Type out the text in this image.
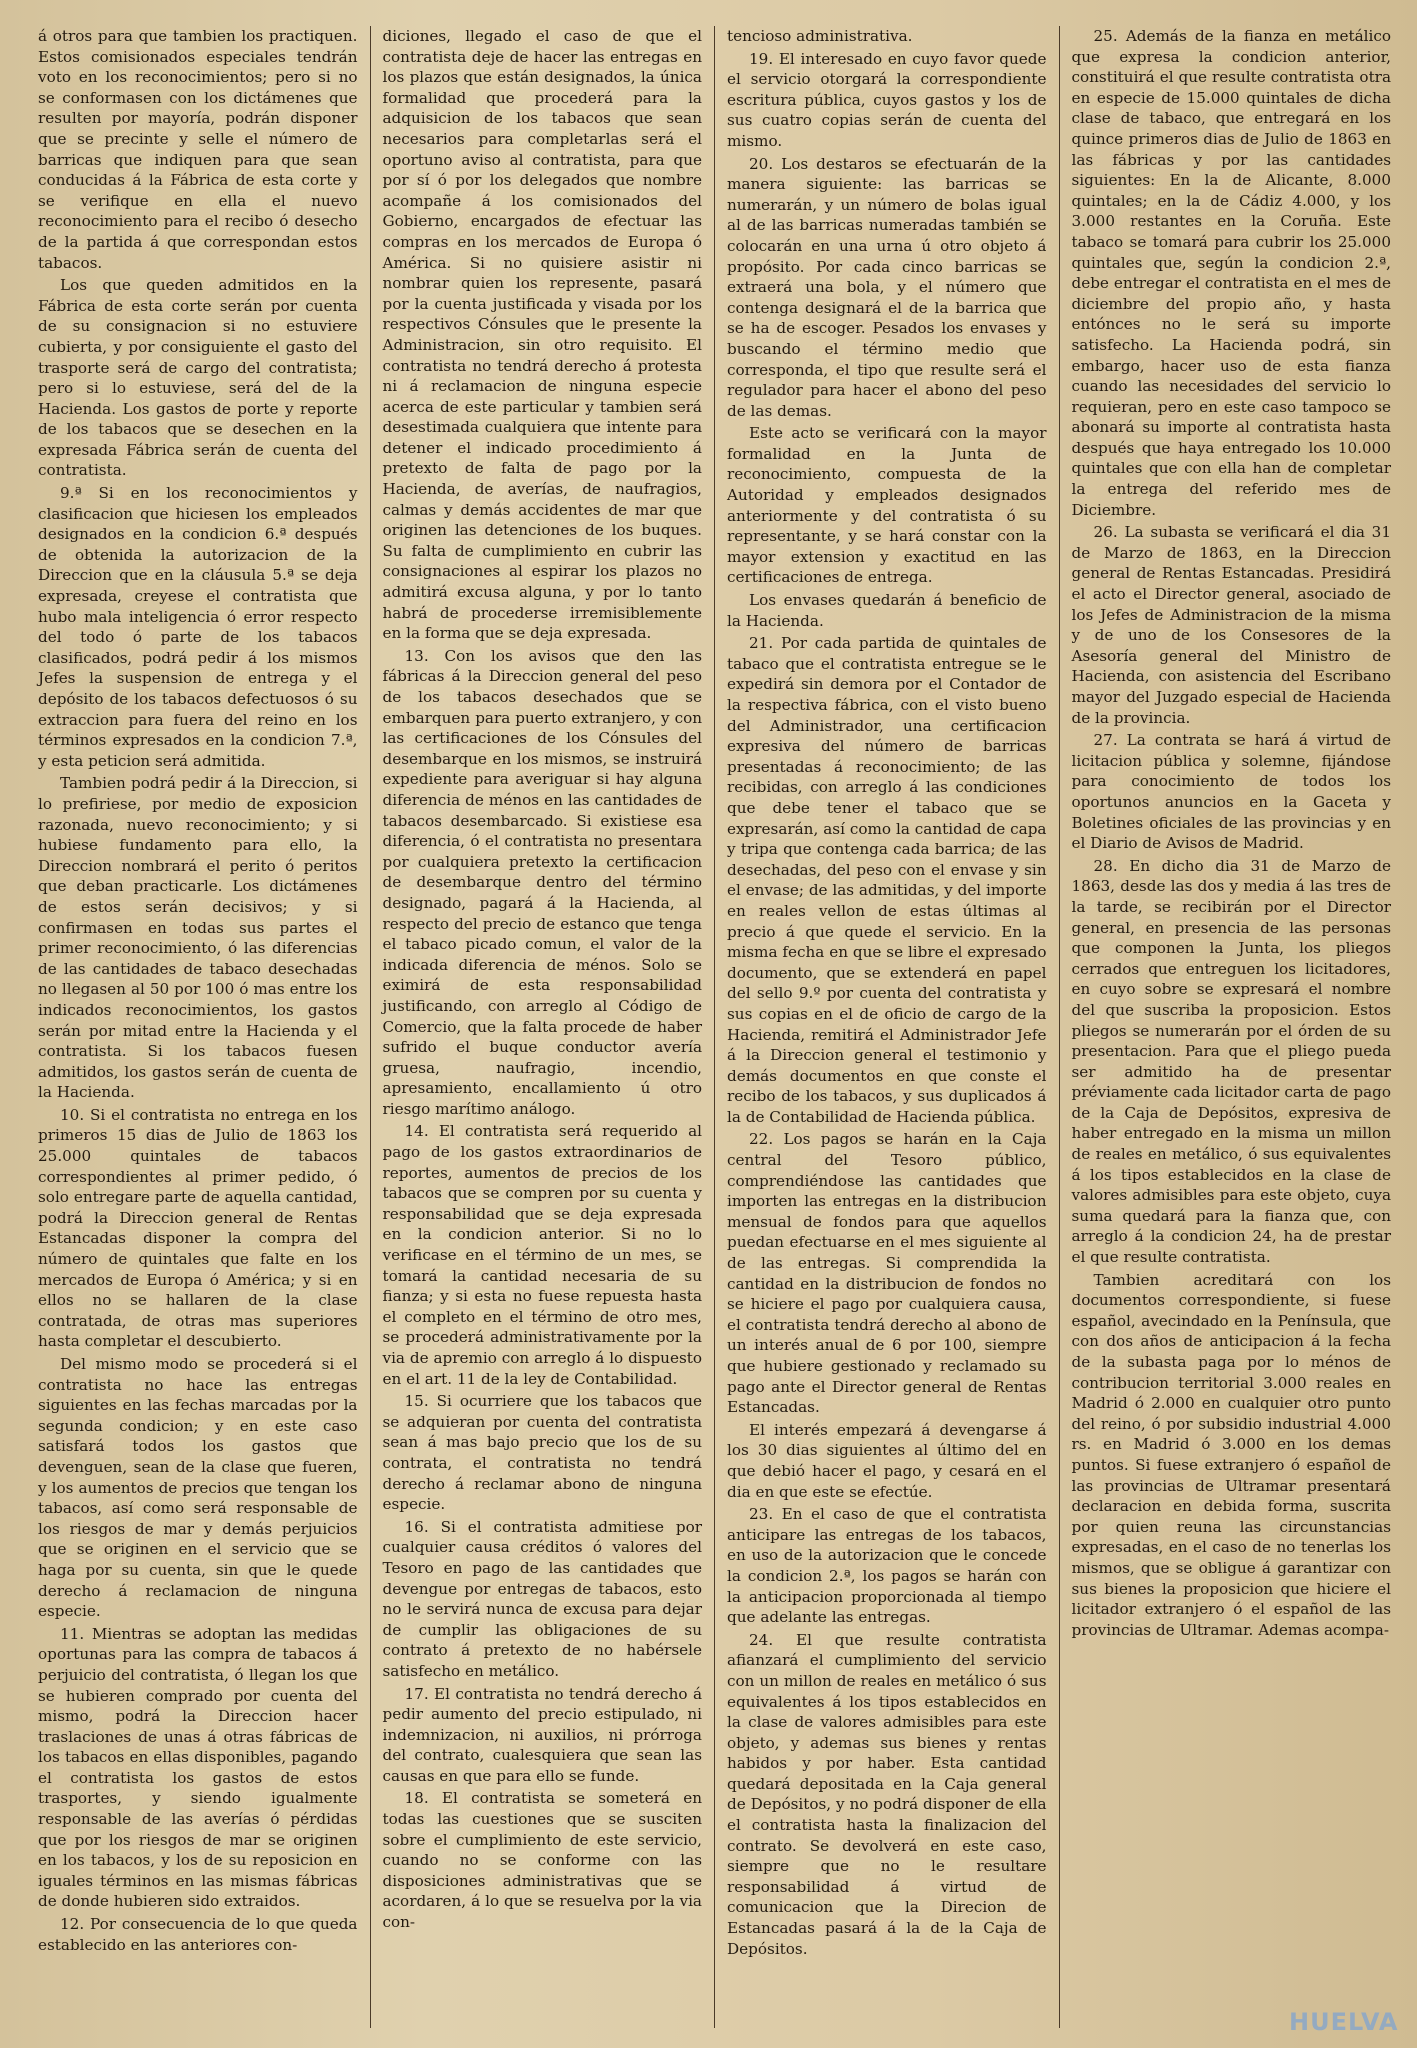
á otros para que tambien los practiquen. Estos comisionados especiales tendrán voto en los reconocimientos; pero si no se conformasen con los dictámenes que resulten por mayoría, podrán disponer que se precinte y selle el número de barricas que indiquen para que sean conducidas á la Fábrica de esta corte y se verifique en ella el nuevo reconocimiento para el recibo ó desecho de la partida á que correspondan estos tabacos.

Los que queden admitidos en la Fábrica de esta corte serán por cuenta de su consignacion si no estuviere cubierta, y por consiguiente el gasto del trasporte será de cargo del contratista; pero si lo estuviese, será del de la Hacienda. Los gastos de porte y reporte de los tabacos que se desechen en la expresada Fábrica serán de cuenta del contratista.

9.ª Si en los reconocimientos y clasificacion que hiciesen los empleados designados en la condicion 6.ª después de obtenida la autorizacion de la Direccion que en la cláusula 5.ª se deja expresada, creyese el contratista que hubo mala inteligencia ó error respecto del todo ó parte de los tabacos clasificados, podrá pedir á los mismos Jefes la suspension de entrega y el depósito de los tabacos defectuosos ó su extraccion para fuera del reino en los términos expresados en la condicion 7.ª, y esta peticion será admitida.

Tambien podrá pedir á la Direccion, si lo prefiriese, por medio de exposicion razonada, nuevo reconocimiento; y si hubiese fundamento para ello, la Direccion nombrará el perito ó peritos que deban practicarle. Los dictámenes de estos serán decisivos; y si confirmasen en todas sus partes el primer reconocimiento, ó las diferencias de las cantidades de tabaco desechadas no llegasen al 50 por 100 ó mas entre los indicados reconocimientos, los gastos serán por mitad entre la Hacienda y el contratista. Si los tabacos fuesen admitidos, los gastos serán de cuenta de la Hacienda.

10. Si el contratista no entrega en los primeros 15 dias de Julio de 1863 los 25.000 quintales de tabacos correspondientes al primer pedido, ó solo entregare parte de aquella cantidad, podrá la Direccion general de Rentas Estancadas disponer la compra del número de quintales que falte en los mercados de Europa ó América; y si en ellos no se hallaren de la clase contratada, de otras mas superiores hasta completar el descubierto.

Del mismo modo se procederá si el contratista no hace las entregas siguientes en las fechas marcadas por la segunda condicion; y en este caso satisfará todos los gastos que devenguen, sean de la clase que fueren, y los aumentos de precios que tengan los tabacos, así como será responsable de los riesgos de mar y demás perjuicios que se originen en el servicio que se haga por su cuenta, sin que le quede derecho á reclamacion de ninguna especie.

11. Mientras se adoptan las medidas oportunas para las compra de tabacos á perjuicio del contratista, ó llegan los que se hubieren comprado por cuenta del mismo, podrá la Direccion hacer traslaciones de unas á otras fábricas de los tabacos en ellas disponibles, pagando el contratista los gastos de estos trasportes, y siendo igualmente responsable de las averías ó pérdidas que por los riesgos de mar se originen en los tabacos, y los de su reposicion en iguales términos en las mismas fábricas de donde hubieren sido extraidos.

12. Por consecuencia de lo que queda establecido en las anteriores con-

diciones, llegado el caso de que el contratista deje de hacer las entregas en los plazos que están designados, la única formalidad que procederá para la adquisicion de los tabacos que sean necesarios para completarlas será el oportuno aviso al contratista, para que por sí ó por los delegados que nombre acompañe á los comisionados del Gobierno, encargados de efectuar las compras en los mercados de Europa ó América. Si no quisiere asistir ni nombrar quien los represente, pasará por la cuenta justificada y visada por los respectivos Cónsules que le presente la Administracion, sin otro requisito. El contratista no tendrá derecho á protesta ni á reclamacion de ninguna especie acerca de este particular y tambien será desestimada cualquiera que intente para detener el indicado procedimiento á pretexto de falta de pago por la Hacienda, de averías, de naufragios, calmas y demás accidentes de mar que originen las detenciones de los buques. Su falta de cumplimiento en cubrir las consignaciones al espirar los plazos no admitirá excusa alguna, y por lo tanto habrá de procederse irremisiblemente en la forma que se deja expresada.

13. Con los avisos que den las fábricas á la Direccion general del peso de los tabacos desechados que se embarquen para puerto extranjero, y con las certificaciones de los Cónsules del desembarque en los mismos, se instruirá expediente para averiguar si hay alguna diferencia de ménos en las cantidades de tabacos desembarcado. Si existiese esa diferencia, ó el contratista no presentara por cualquiera pretexto la certificacion de desembarque dentro del término designado, pagará á la Hacienda, al respecto del precio de estanco que tenga el tabaco picado comun, el valor de la indicada diferencia de ménos. Solo se eximirá de esta responsabilidad justificando, con arreglo al Código de Comercio, que la falta procede de haber sufrido el buque conductor avería gruesa, naufragio, incendio, apresamiento, encallamiento ú otro riesgo marítimo análogo.

14. El contratista será requerido al pago de los gastos extraordinarios de reportes, aumentos de precios de los tabacos que se compren por su cuenta y responsabilidad que se deja expresada en la condicion anterior. Si no lo verificase en el término de un mes, se tomará la cantidad necesaria de su fianza; y si esta no fuese repuesta hasta el completo en el término de otro mes, se procederá administrativamente por la via de apremio con arreglo á lo dispuesto en el art. 11 de la ley de Contabilidad.

15. Si ocurriere que los tabacos que se adquieran por cuenta del contratista sean á mas bajo precio que los de su contrata, el contratista no tendrá derecho á reclamar abono de ninguna especie.

16. Si el contratista admitiese por cualquier causa créditos ó valores del Tesoro en pago de las cantidades que devengue por entregas de tabacos, esto no le servirá nunca de excusa para dejar de cumplir las obligaciones de su contrato á pretexto de no habérsele satisfecho en metálico.

17. El contratista no tendrá derecho á pedir aumento del precio estipulado, ni indemnizacion, ni auxilios, ni prórroga del contrato, cualesquiera que sean las causas en que para ello se funde.

18. El contratista se someterá en todas las cuestiones que se susciten sobre el cumplimiento de este servicio, cuando no se conforme con las disposiciones administrativas que se acordaren, á lo que se resuelva por la via con-

tencioso administrativa.

19. El interesado en cuyo favor quede el servicio otorgará la correspondiente escritura pública, cuyos gastos y los de sus cuatro copias serán de cuenta del mismo.

20. Los destaros se efectuarán de la manera siguiente: las barricas se numerarán, y un número de bolas igual al de las barricas numeradas también se colocarán en una urna ú otro objeto á propósito. Por cada cinco barricas se extraerá una bola, y el número que contenga designará el de la barrica que se ha de escoger. Pesados los envases y buscando el término medio que corresponda, el tipo que resulte será el regulador para hacer el abono del peso de las demas.

Este acto se verificará con la mayor formalidad en la Junta de reconocimiento, compuesta de la Autoridad y empleados designados anteriormente y del contratista ó su representante, y se hará constar con la mayor extension y exactitud en las certificaciones de entrega.

Los envases quedarán á beneficio de la Hacienda.

21. Por cada partida de quintales de tabaco que el contratista entregue se le expedirá sin demora por el Contador de la respectiva fábrica, con el visto bueno del Administrador, una certificacion expresiva del número de barricas presentadas á reconocimiento; de las recibidas, con arreglo á las condiciones que debe tener el tabaco que se expresarán, así como la cantidad de capa y tripa que contenga cada barrica; de las desechadas, del peso con el envase y sin el envase; de las admitidas, y del importe en reales vellon de estas últimas al precio á que quede el servicio. En la misma fecha en que se libre el expresado documento, que se extenderá en papel del sello 9.º por cuenta del contratista y sus copias en el de oficio de cargo de la Hacienda, remitirá el Administrador Jefe á la Direccion general el testimonio y demás documentos en que conste el recibo de los tabacos, y sus duplicados á la de Contabilidad de Hacienda pública.

22. Los pagos se harán en la Caja central del Tesoro público, comprendiéndose las cantidades que importen las entregas en la distribucion mensual de fondos para que aquellos puedan efectuarse en el mes siguiente al de las entregas. Si comprendida la cantidad en la distribucion de fondos no se hiciere el pago por cualquiera causa, el contratista tendrá derecho al abono de un interés anual de 6 por 100, siempre que hubiere gestionado y reclamado su pago ante el Director general de Rentas Estancadas.

El interés empezará á devengarse á los 30 dias siguientes al último del en que debió hacer el pago, y cesará en el dia en que este se efectúe.

23. En el caso de que el contratista anticipare las entregas de los tabacos, en uso de la autorizacion que le concede la condicion 2.ª, los pagos se harán con la anticipacion proporcionada al tiempo que adelante las entregas.

24. El que resulte contratista afianzará el cumplimiento del servicio con un millon de reales en metálico ó sus equivalentes á los tipos establecidos en la clase de valores admisibles para este objeto, y ademas sus bienes y rentas habidos y por haber. Esta cantidad quedará depositada en la Caja general de Depósitos, y no podrá disponer de ella el contratista hasta la finalizacion del contrato. Se devolverá en este caso, siempre que no le resultare responsabilidad á virtud de comunicacion que la Direcion de Estancadas pasará á la de la Caja de Depósitos.

25. Además de la fianza en metálico que expresa la condicion anterior, constituirá el que resulte contratista otra en especie de 15.000 quintales de dicha clase de tabaco, que entregará en los quince primeros dias de Julio de 1863 en las fábricas y por las cantidades siguientes: En la de Alicante, 8.000 quintales; en la de Cádiz 4.000, y los 3.000 restantes en la Coruña. Este tabaco se tomará para cubrir los 25.000 quintales que, según la condicion 2.ª, debe entregar el contratista en el mes de diciembre del propio año, y hasta entónces no le será su importe satisfecho. La Hacienda podrá, sin embargo, hacer uso de esta fianza cuando las necesidades del servicio lo requieran, pero en este caso tampoco se abonará su importe al contratista hasta después que haya entregado los 10.000 quintales que con ella han de completar la entrega del referido mes de Diciembre.

26. La subasta se verificará el dia 31 de Marzo de 1863, en la Direccion general de Rentas Estancadas. Presidirá el acto el Director general, asociado de los Jefes de Administracion de la misma y de uno de los Consesores de la Asesoría general del Ministro de Hacienda, con asistencia del Escribano mayor del Juzgado especial de Hacienda de la provincia.

27. La contrata se hará á virtud de licitacion pública y solemne, fijándose para conocimiento de todos los oportunos anuncios en la Gaceta y Boletines oficiales de las provincias y en el Diario de Avisos de Madrid.

28. En dicho dia 31 de Marzo de 1863, desde las dos y media á las tres de la tarde, se recibirán por el Director general, en presencia de las personas que componen la Junta, los pliegos cerrados que entreguen los licitadores, en cuyo sobre se expresará el nombre del que suscriba la proposicion. Estos pliegos se numerarán por el órden de su presentacion. Para que el pliego pueda ser admitido ha de presentar préviamente cada licitador carta de pago de la Caja de Depósitos, expresiva de haber entregado en la misma un millon de reales en metálico, ó sus equivalentes á los tipos establecidos en la clase de valores admisibles para este objeto, cuya suma quedará para la fianza que, con arreglo á la condicion 24, ha de prestar el que resulte contratista.

Tambien acreditará con los documentos correspondiente, si fuese español, avecindado en la Península, que con dos años de anticipacion á la fecha de la subasta paga por lo ménos de contribucion territorial 3.000 reales en Madrid ó 2.000 en cualquier otro punto del reino, ó por subsidio industrial 4.000 rs. en Madrid ó 3.000 en los demas puntos. Si fuese extranjero ó español de las provincias de Ultramar presentará declaracion en debida forma, suscrita por quien reuna las circunstancias expresadas, en el caso de no tenerlas los mismos, que se obligue á garantizar con sus bienes la proposicion que hiciere el licitador extranjero ó el español de las provincias de Ultramar. Ademas acompa-

HUELVA
